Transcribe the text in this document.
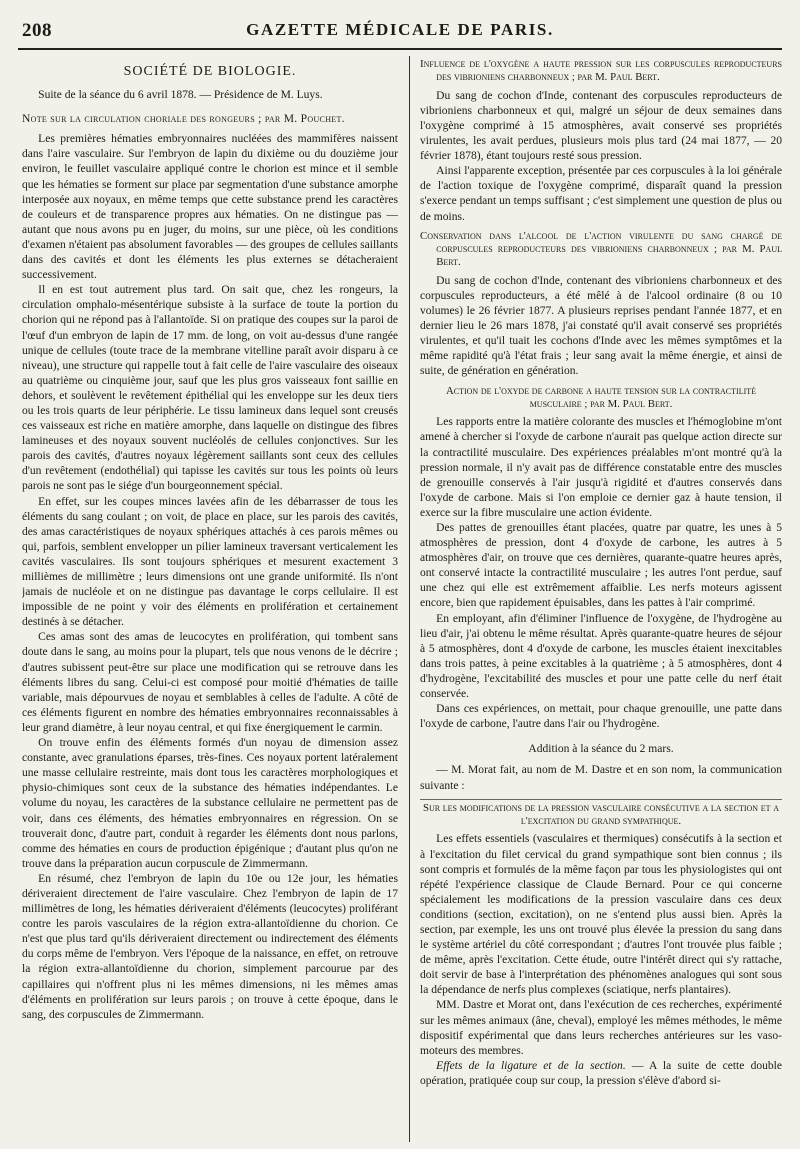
208	GAZETTE MÉDICALE DE PARIS.
SOCIÉTÉ DE BIOLOGIE.

Suite de la séance du 6 avril 1878. — Présidence de M. Luys.

Note sur la circulation choriale des rongeurs ; par M. Pouchet.

Les premières hématies embryonnaires nucléées des mammifères naissent dans l'aire vasculaire. Sur l'embryon de lapin du dixième ou du douzième jour environ, le feuillet vasculaire appliqué contre le chorion est mince et il semble que les hématies se forment sur place par segmentation d'une substance amorphe interposée aux noyaux, en même temps que cette substance prend les caractères de couleurs et de transparence propres aux hématies. On ne distingue pas — autant que nous avons pu en juger, du moins, sur une pièce, où les conditions d'examen n'étaient pas absolument favorables — des groupes de cellules saillants dans des cavités et dont les éléments les plus externes se détacheraient successivement.

Il en est tout autrement plus tard. On sait que, chez les rongeurs, la circulation omphalo-mésentérique subsiste à la surface de toute la portion du chorion qui ne répond pas à l'allantoïde. Si on pratique des coupes sur la paroi de l'œuf d'un embryon de lapin de 17 mm. de long, on voit au-dessus d'une rangée unique de cellules (toute trace de la membrane vitelline paraît avoir disparu à ce niveau), une structure qui rappelle tout à fait celle de l'aire vasculaire des oiseaux au quatrième ou cinquième jour, sauf que les plus gros vaisseaux font saillie en dehors, et soulèvent le revêtement épithélial qui les enveloppe sur les deux tiers ou les trois quarts de leur périphérie. Le tissu lamineux dans lequel sont creusés ces vaisseaux est riche en matière amorphe, dans laquelle on distingue des fibres lamineuses et des noyaux souvent nucléolés de cellules conjonctives. Sur les parois des cavités, d'autres noyaux légèrement saillants sont ceux des cellules d'un revêtement (endothélial) qui tapisse les cavités sur tous les points où leurs parois ne sont pas le siége d'un bourgeonnement spécial.

En effet, sur les coupes minces lavées afin de les débarrasser de tous les éléments du sang coulant ; on voit, de place en place, sur les parois des cavités, des amas caractéristiques de noyaux sphériques attachés à ces parois mêmes ou qui, parfois, semblent envelopper un pilier lamineux traversant verticalement les cavités vasculaires. Ils sont toujours sphériques et mesurent exactement 3 millièmes de millimètre ; leurs dimensions ont une grande uniformité. Ils n'ont jamais de nucléole et on ne distingue pas davantage le corps cellulaire. Il est impossible de ne point y voir des éléments en prolifération et certainement destinés à se détacher.

Ces amas sont des amas de leucocytes en prolifération, qui tombent sans doute dans le sang, au moins pour la plupart, tels que nous venons de le décrire ; d'autres subissent peut-être sur place une modification qui se retrouve dans les éléments libres du sang. Celui-ci est composé pour moitié d'hématies de taille variable, mais dépourvues de noyau et semblables à celles de l'adulte. A côté de ces éléments figurent en nombre des hématies embryonnaires reconnaissables à leur grand diamètre, à leur noyau central, et qui fixe énergiquement le carmin.

On trouve enfin des éléments formés d'un noyau de dimension assez constante, avec granulations éparses, très-fines. Ces noyaux portent latéralement une masse cellulaire restreinte, mais dont tous les caractères morphologiques et physio-chimiques sont ceux de la substance des hématies indépendantes. Le volume du noyau, les caractères de la substance cellulaire ne permettent pas de voir, dans ces éléments, des hématies embryonnaires en régression. On se trouverait donc, d'autre part, conduit à regarder les éléments dont nous parlons, comme des hématies en cours de production épigénique ; d'autant plus qu'on ne trouve dans la préparation aucun corpuscule de Zimmermann.

En résumé, chez l'embryon de lapin du 10e ou 12e jour, les hématies dériveraient directement de l'aire vasculaire. Chez l'embryon de lapin de 17 millimètres de long, les hématies dériveraient d'éléments (leucocytes) proliférant contre les parois vasculaires de la région extra-allantoïdienne du chorion. Ce n'est que plus tard qu'ils dériveraient directement ou indirectement des éléments du corps même de l'embryon. Vers l'époque de la naissance, en effet, on retrouve la région extra-allantoïdienne du chorion, simplement parcourue par des capillaires qui n'offrent plus ni les mêmes dimensions, ni les mêmes amas d'éléments en prolifération sur leurs parois ; on trouve à cette époque, dans le sang, des corpuscules de Zimmermann.

Influence de l'oxygène a haute pression sur les corpuscules reproducteurs des vibrioniens charbonneux ; par M. Paul Bert.

Du sang de cochon d'Inde, contenant des corpuscules reproducteurs de vibrioniens charbonneux et qui, malgré un séjour de deux semaines dans l'oxygène comprimé à 15 atmosphères, avait conservé ses propriétés virulentes, les avait perdues, plusieurs mois plus tard (24 mai 1877, — 20 février 1878), étant toujours resté sous pression.

Ainsi l'apparente exception, présentée par ces corpuscules à la loi générale de l'action toxique de l'oxygène comprimé, disparaît quand la pression s'exerce pendant un temps suffisant ; c'est simplement une question de plus ou de moins.

Conservation dans l'alcool de l'action virulente du sang chargé de corpuscules reproducteurs des vibrioniens charbonneux ; par M. Paul Bert.

Du sang de cochon d'Inde, contenant des vibrioniens charbonneux et des corpuscules reproducteurs, a été mêlé à de l'alcool ordinaire (8 ou 10 volumes) le 26 février 1877. A plusieurs reprises pendant l'année 1877, et en dernier lieu le 26 mars 1878, j'ai constaté qu'il avait conservé ses propriétés virulentes, et qu'il tuait les cochons d'Inde avec les mêmes symptômes et la même rapidité qu'à l'état frais ; leur sang avait la même énergie, et ainsi de suite, de génération en génération.

Action de l'oxyde de carbone a haute tension sur la contractilité musculaire ; par M. Paul Bert.

Les rapports entre la matière colorante des muscles et l'hémoglobine m'ont amené à chercher si l'oxyde de carbone n'aurait pas quelque action directe sur la contractilité musculaire. Des expériences préalables m'ont montré qu'à la pression normale, il n'y avait pas de différence constatable entre des muscles de grenouille conservés à l'air jusqu'à rigidité et d'autres conservés dans l'oxyde de carbone. Mais si l'on emploie ce dernier gaz à haute tension, il exerce sur la fibre musculaire une action évidente.

Des pattes de grenouilles étant placées, quatre par quatre, les unes à 5 atmosphères de pression, dont 4 d'oxyde de carbone, les autres à 5 atmosphères d'air, on trouve que ces dernières, quarante-quatre heures après, ont conservé intacte la contractilité musculaire ; les autres l'ont perdue, sauf une chez qui elle est extrêmement affaiblie. Les nerfs moteurs agissent encore, bien que rapidement épuisables, dans les pattes à l'air comprimé.

En employant, afin d'éliminer l'influence de l'oxygène, de l'hydrogène au lieu d'air, j'ai obtenu le même résultat. Après quarante-quatre heures de séjour à 5 atmosphères, dont 4 d'oxyde de carbone, les muscles étaient inexcitables dans trois pattes, à peine excitables à la quatrième ; à 5 atmosphères, dont 4 d'hydrogène, l'excitabilité des muscles et pour une patte celle du nerf était conservée.

Dans ces expériences, on mettait, pour chaque grenouille, une patte dans l'oxyde de carbone, l'autre dans l'air ou l'hydrogène.

Addition à la séance du 2 mars.

— M. Morat fait, au nom de M. Dastre et en son nom, la communication suivante :

Sur les modifications de la pression vasculaire consécutive a la section et a l'excitation du grand sympathique.

Les effets essentiels (vasculaires et thermiques) consécutifs à la section et à l'excitation du filet cervical du grand sympathique sont bien connus ; ils sont compris et formulés de la même façon par tous les physiologistes qui ont répété l'expérience classique de Claude Bernard. Pour ce qui concerne spécialement les modifications de la pression vasculaire dans ces deux conditions (section, excitation), on ne s'entend plus aussi bien. Après la section, par exemple, les uns ont trouvé plus élevée la pression du sang dans le système artériel du côté correspondant ; d'autres l'ont trouvée plus faible ; de même, après l'excitation. Cette étude, outre l'intérêt direct qui s'y rattache, doit servir de base à l'interprétation des phénomènes analogues qui sont sous la dépendance de nerfs plus complexes (sciatique, nerfs plantaires).

MM. Dastre et Morat ont, dans l'exécution de ces recherches, expérimenté sur les mêmes animaux (âne, cheval), employé les mêmes méthodes, le même dispositif expérimental que dans leurs recherches antérieures sur les vaso-moteurs des membres.

Effets de la ligature et de la section. — A la suite de cette double opération, pratiquée coup sur coup, la pression s'élève d'abord si-
